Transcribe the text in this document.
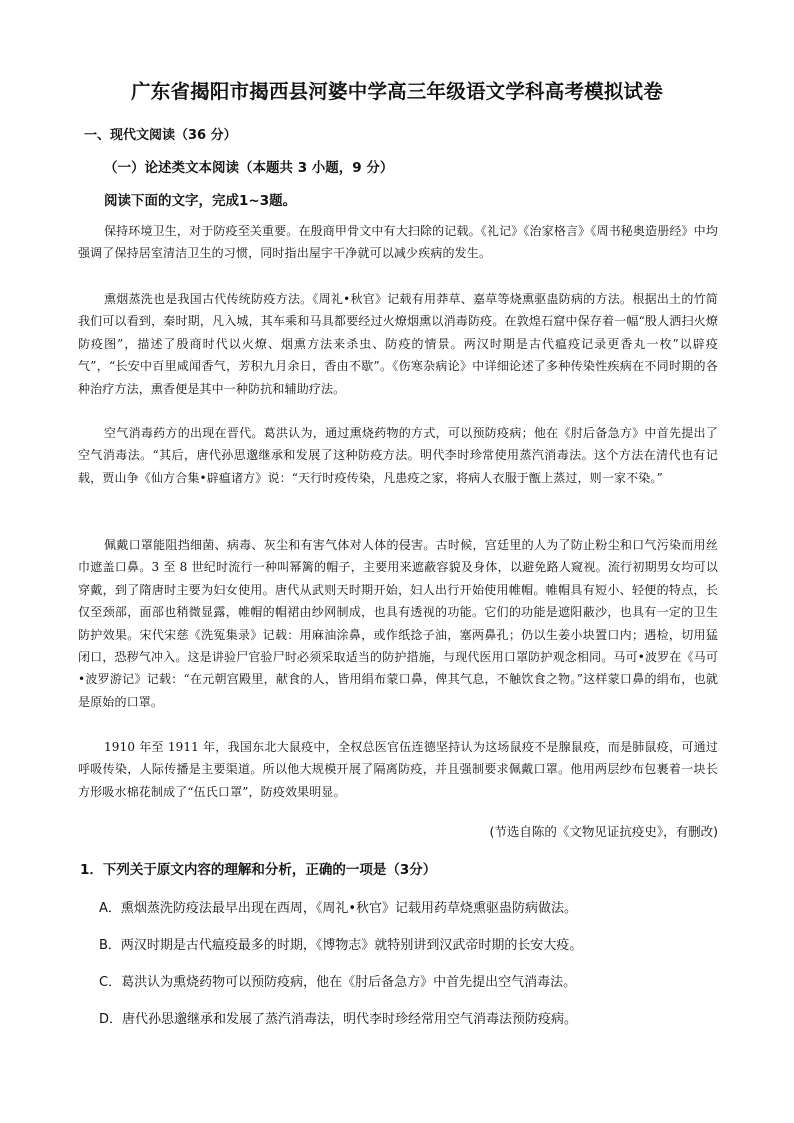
广东省揭阳市揭西县河婆中学高三年级语文学科高考模拟试卷
一、现代文阅读（36 分）
（一）论述类文本阅读（本题共 3 小题，9 分）
阅读下面的文字，完成1~3题。

保持环境卫生，对于防疫至关重要。在殷商甲骨文中有大扫除的记载。《礼记》《治家格言》《周书秘奥造册经》中均强调了保持居室清洁卫生的习惯，同时指出屋宇干净就可以减少疾病的发生。

熏烟蒸洗也是我国古代传统防疫方法。《周礼•秋官》记载有用莽草、嘉草等烧熏驱蛊防病的方法。根据出土的竹简我们可以看到，秦时期，凡入城，其车乘和马具都要经过火燎烟熏以消毒防疫。在敦煌石窟中保存着一幅“殷人洒扫火燎防疫图”，描述了殷商时代以火燎、烟熏方法来杀虫、防疫的情景。两汉时期是古代瘟疫记录更香丸一枚”以辟疫气”，“长安中百里咸闻香气，芳积九月余日，香由不歇”。《伤寒杂病论》中详细论述了多种传染性疾病在不同时期的各种治疗方法，熏香便是其中一种防抗和辅助疗法。

空气消毒药方的出现在晋代。葛洪认为，通过熏烧药物的方式，可以预防疫病；他在《肘后备急方》中首先提出了空气消毒法。“其后，唐代孙思邈继承和发展了这种防疫方法。明代李时珍常使用蒸汽消毒法。这个方法在清代也有记载，贾山争《仙方合集•辟瘟诸方》说：“天行时疫传染，凡患疫之家，将病人衣服于甑上蒸过，则一家不染。”

佩戴口罩能阻挡细菌、病毒、灰尘和有害气体对人体的侵害。古时候，宫廷里的人为了防止粉尘和口气污染而用丝巾遮盖口鼻。3 至 8 世纪时流行一种叫幂篱的帽子，主要用来遮蔽容貌及身体，以避免路人窥视。流行初期男女均可以穿戴，到了隋唐时主要为妇女使用。唐代从武则天时期开始，妇人出行开始使用帷帽。帷帽具有短小、轻便的特点，长仅至颈部，面部也稍微显露，帷帽的帽裙由纱网制成，也具有透视的功能。它们的功能是遮阳蔽沙，也具有一定的卫生防护效果。宋代宋慈《洗冤集录》记载：用麻油涂鼻，或作纸捻子油，塞两鼻孔；仍以生姜小块置口内；遇检，切用猛闭口，恐秽气冲入。这是讲验尸官验尸时必须采取适当的防护措施，与现代医用口罩防护观念相同。马可•波罗在《马可•波罗游记》记载：“在元朝宫殿里，献食的人，皆用绢布蒙口鼻，俾其气息，不触饮食之物。”这样蒙口鼻的绢布，也就是原始的口罩。

1910 年至 1911 年，我国东北大鼠疫中，全权总医官伍连德坚持认为这场鼠疫不是腺鼠疫，而是肺鼠疫，可通过呼吸传染，人际传播是主要渠道。所以他大规模开展了隔离防疫，并且强制要求佩戴口罩。他用两层纱布包裹着一块长方形吸水棉花制成了“伍氏口罩”，防疫效果明显。

(节选自陈的《文物见证抗疫史》，有删改)
1．下列关于原文内容的理解和分析，正确的一项是（3分）
A．熏烟蒸洗防疫法最早出现在西周，《周礼•秋官》记载用药草烧熏驱蛊防病做法。
B．两汉时期是古代瘟疫最多的时期，《博物志》就特别讲到汉武帝时期的长安大疫。
C．葛洪认为熏烧药物可以预防疫病，他在《肘后备急方》中首先提出空气消毒法。
D．唐代孙思邈继承和发展了蒸汽消毒法，明代李时珍经常用空气消毒法预防疫病。
